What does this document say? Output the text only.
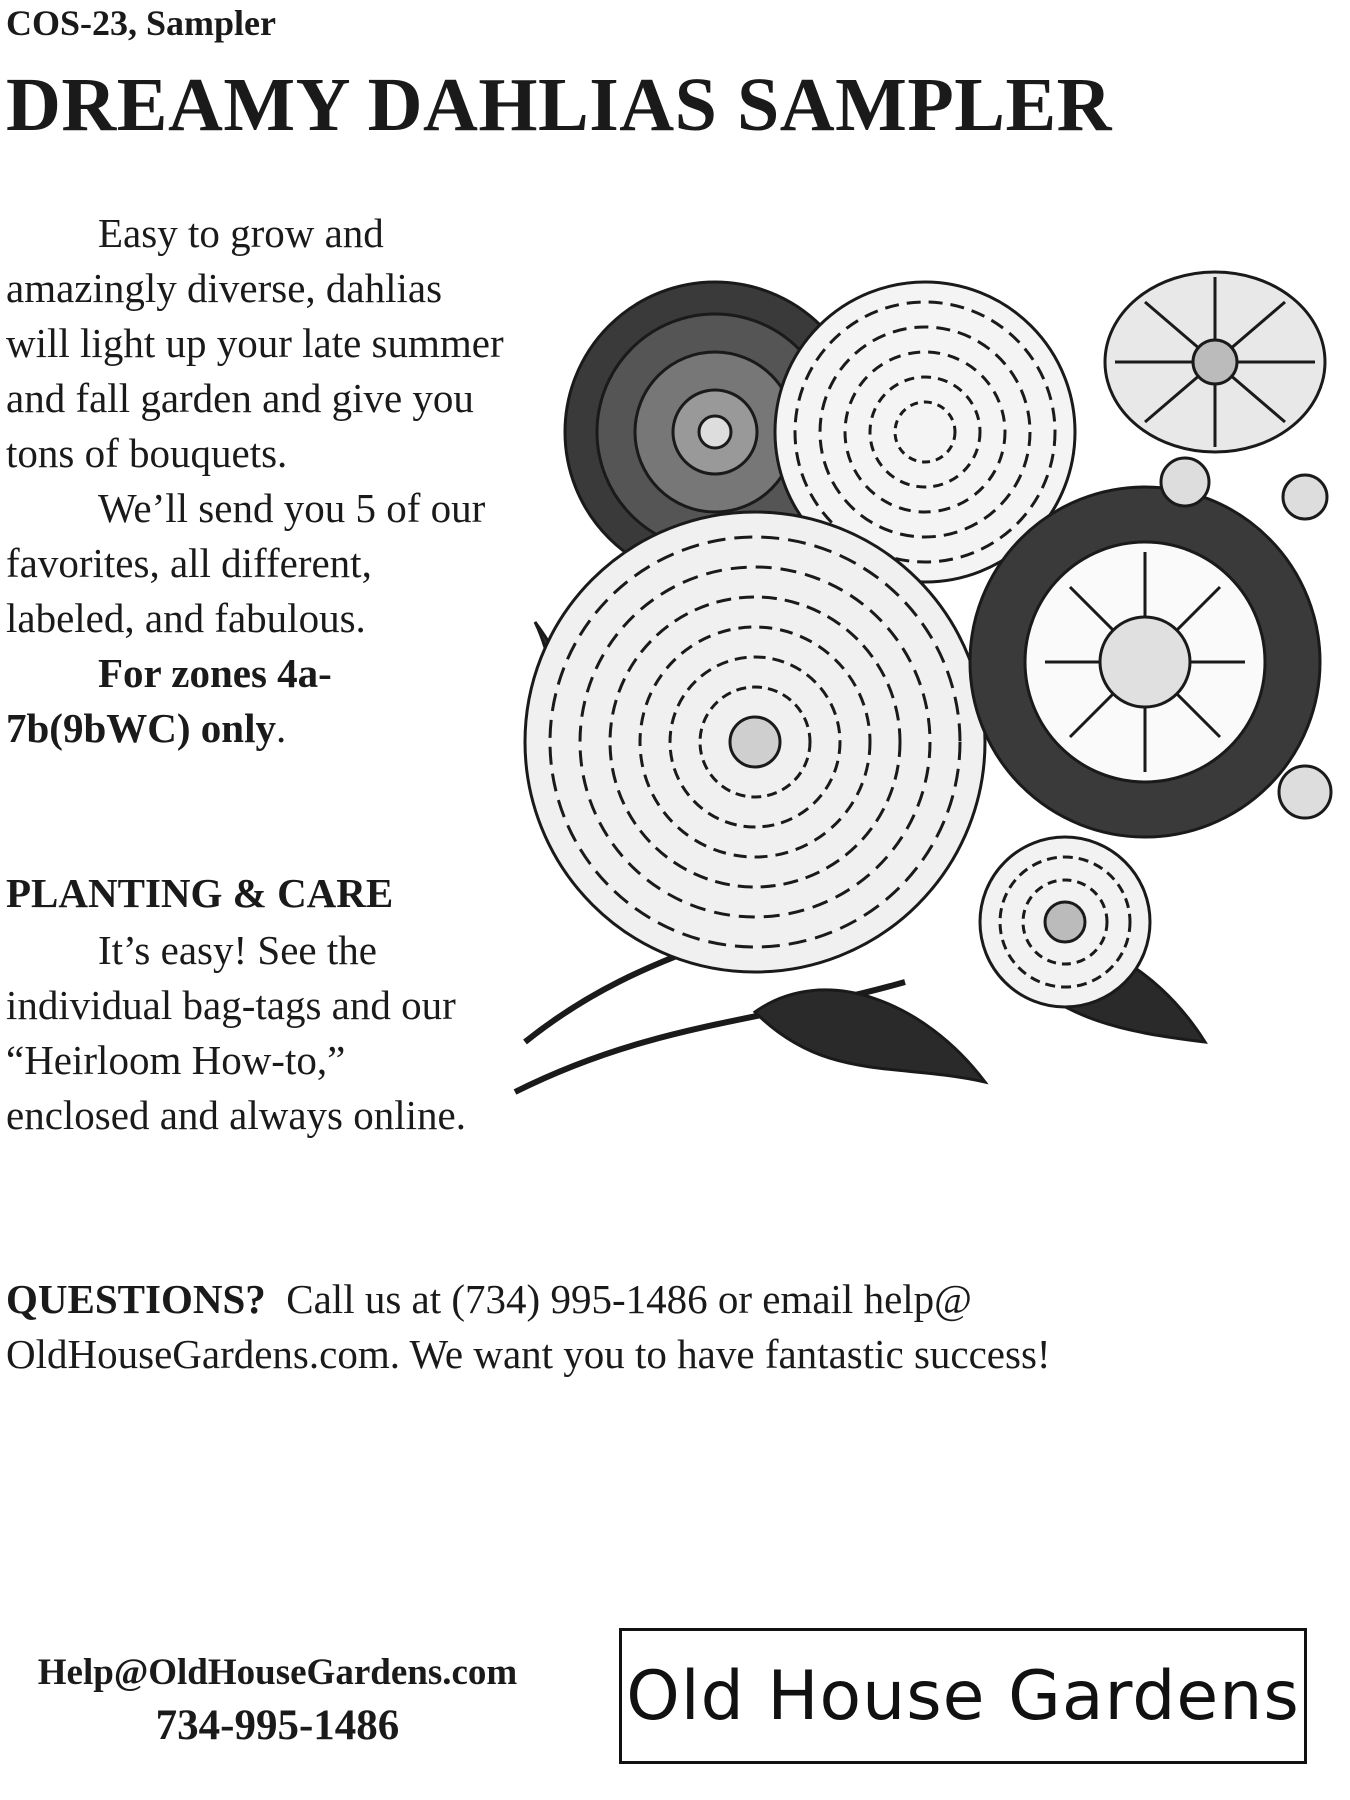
COS-23, Sampler
DREAMY DAHLIAS SAMPLER

Easy to grow and amazingly diverse, dahlias will light up your late summer and fall garden and give you tons of bouquets.

We’ll send you 5 of our favorites, all different, labeled, and fabulous.

For zones 4a-7b(9bWC) only.

PLANTING & CARE

It’s easy! See the individual bag-tags and our “Heirloom How-to,” enclosed and always online.

QUESTIONS? Call us at (734) 995-1486 or email help@ OldHouseGardens.com. We want you to have fantastic success!
Help@OldHouseGardens.com
734-995-1486	Old House Gardens
